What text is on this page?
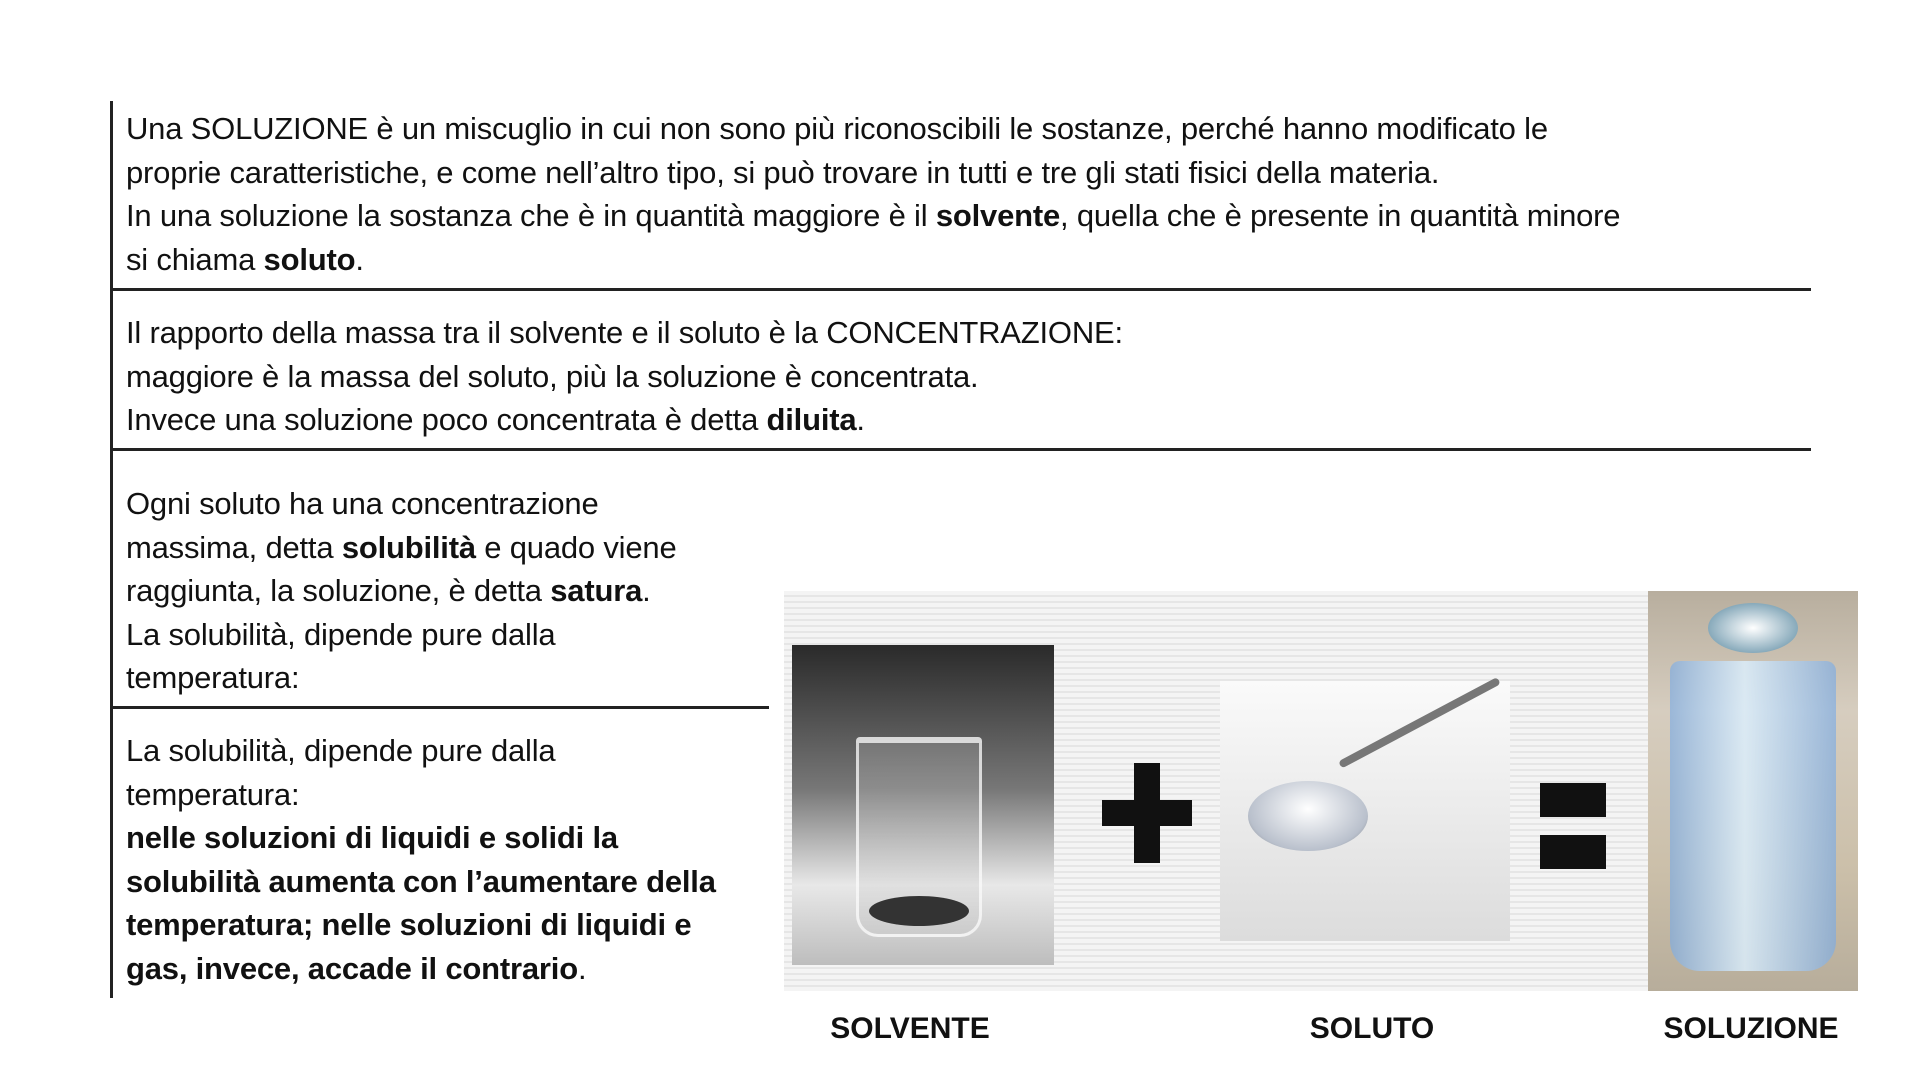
Una SOLUZIONE è un miscuglio in cui non sono più riconoscibili le sostanze, perché hanno modificato le

proprie caratteristiche, e come nell’altro tipo, si può trovare in tutti e tre gli stati fisici della materia.

In una soluzione la sostanza che è in quantità maggiore è il solvente, quella che è presente in quantità minore

si chiama soluto.

Il rapporto della massa tra il solvente e il soluto è la CONCENTRAZIONE:

maggiore è la massa del soluto, più la soluzione è concentrata.

Invece una soluzione poco concentrata è detta diluita.

Ogni soluto ha una concentrazione

massima, detta solubilità e quado viene

raggiunta, la soluzione, è detta satura.

La solubilità, dipende pure dalla

temperatura:

La solubilità, dipende pure dalla

temperatura:

nelle soluzioni di liquidi e solidi la

solubilità aumenta con l’aumentare della

temperatura; nelle soluzioni di liquidi e

gas, invece, accade il contrario.

SOLVENTE	SOLUTO	SOLUZIONE
